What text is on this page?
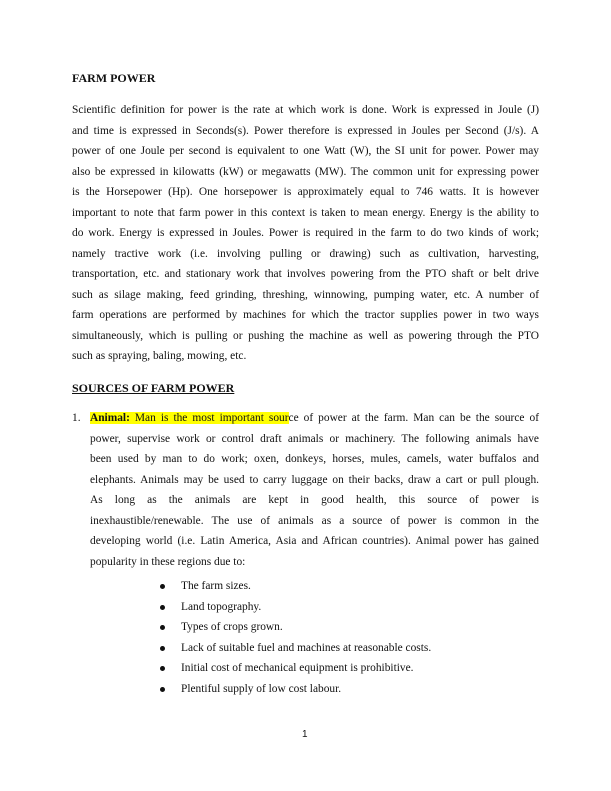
FARM POWER
Scientific definition for power is the rate at which work is done. Work is expressed in Joule (J)
and time is expressed in Seconds(s). Power therefore is expressed in Joules per Second (J/s). A
power of one Joule per second is equivalent to one Watt (W), the SI unit for power. Power may
also be expressed in kilowatts (kW) or megawatts (MW). The common unit for expressing power
is the Horsepower (Hp). One horsepower is approximately equal to 746 watts. It is however
important to note that farm power in this context is taken to mean energy. Energy is the ability to
do work. Energy is expressed in Joules. Power is required in the farm to do two kinds of work;
namely tractive work (i.e. involving pulling or drawing) such as cultivation, harvesting,
transportation, etc. and stationary work that involves powering from the PTO shaft or belt drive
such as silage making, feed grinding, threshing, winnowing, pumping water, etc. A number of
farm operations are performed by machines for which the tractor supplies power in two ways
simultaneously, which is pulling or pushing the machine as well as powering through the PTO
such as spraying, baling, mowing, etc.
SOURCES OF FARM POWER
1. Animal: Man is the most important source of power at the farm. Man can be the source of
power, supervise work or control draft animals or machinery. The following animals have
been used by man to do work; oxen, donkeys, horses, mules, camels, water buffalos and
elephants. Animals may be used to carry luggage on their backs, draw a cart or pull plough.
As long as the animals are kept in good health, this source of power is
inexhaustible/renewable. The use of animals as a source of power is common in the
developing world (i.e. Latin America, Asia and African countries). Animal power has gained
popularity in these regions due to:
The farm sizes.
Land topography.
Types of crops grown.
Lack of suitable fuel and machines at reasonable costs.
Initial cost of mechanical equipment is prohibitive.
Plentiful supply of low cost labour.
1
